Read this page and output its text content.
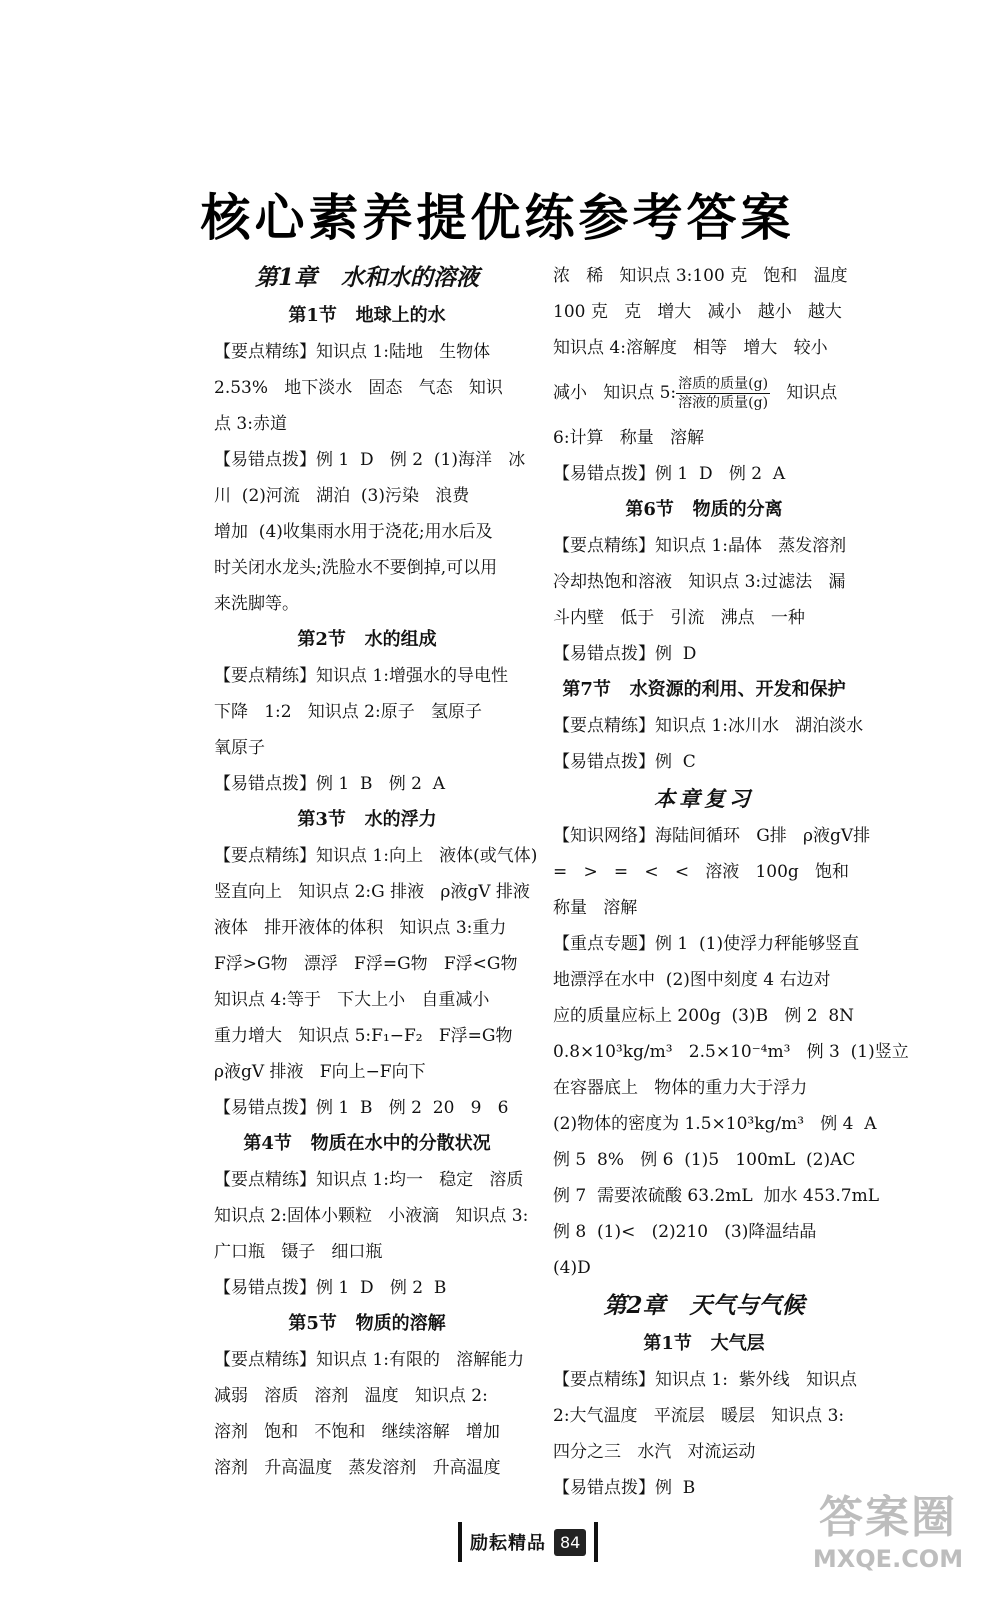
核心素养提优练参考答案
第1章   水和水的溶液
第1节   地球上的水
【要点精练】知识点 1:陆地   生物体
2.53%   地下淡水   固态   气态   知识
点 3:赤道
【易错点拨】例 1  D   例 2  (1)海洋   冰
川  (2)河流   湖泊  (3)污染   浪费
增加  (4)收集雨水用于浇花;用水后及
时关闭水龙头;洗脸水不要倒掉,可以用
来洗脚等。
第2节   水的组成
【要点精练】知识点 1:增强水的导电性
下降   1:2   知识点 2:原子   氢原子
氧原子
【易错点拨】例 1  B   例 2  A
第3节   水的浮力
【要点精练】知识点 1:向上   液体(或气体)
竖直向上   知识点 2:G 排液   ρ液gV 排液
液体   排开液体的体积   知识点 3:重力
F浮>G物   漂浮   F浮=G物   F浮<G物
知识点 4:等于   下大上小   自重减小
重力增大   知识点 5:F₁−F₂   F浮=G物
ρ液gV 排液   F向上−F向下
【易错点拨】例 1  B   例 2  20   9   6
第4节   物质在水中的分散状况
【要点精练】知识点 1:均一   稳定   溶质
知识点 2:固体小颗粒   小液滴   知识点 3:
广口瓶   镊子   细口瓶
【易错点拨】例 1  D   例 2  B
第5节   物质的溶解
【要点精练】知识点 1:有限的   溶解能力
减弱   溶质   溶剂   温度   知识点 2:
溶剂   饱和   不饱和   继续溶解   增加
溶剂   升高温度   蒸发溶剂   升高温度
浓   稀   知识点 3:100 克   饱和   温度
100 克   克   增大   减小   越小   越大
知识点 4:溶解度   相等   增大   较小
减小   知识点 5: $\frac{\text{溶质的质量(g)}}{\text{溶液的质量(g)}}$ 知识点
6:计算   称量   溶解
【易错点拨】例 1  D   例 2  A
第6节   物质的分离
【要点精练】知识点 1:晶体   蒸发溶剂
冷却热饱和溶液   知识点 3:过滤法   漏
斗内壁   低于   引流   沸点   一种
【易错点拨】例  D
第7节   水资源的利用、开发和保护
【要点精练】知识点 1:冰川水   湖泊淡水
【易错点拨】例  C
本章复习
【知识网络】海陆间循环   G排   ρ液gV排
=   >   =   <   <   溶液   100g   饱和
称量   溶解
【重点专题】例 1  (1)使浮力秤能够竖直
地漂浮在水中  (2)图中刻度 4 右边对
应的质量应标上 200g  (3)B   例 2  8N
0.8×10³kg/m³   2.5×10⁻⁴m³   例 3  (1)竖立
在容器底上   物体的重力大于浮力
(2)物体的密度为 1.5×10³kg/m³   例 4  A
例 5  8%   例 6  (1)5   100mL  (2)AC
例 7  需要浓硫酸 63.2mL  加水 453.7mL
例 8  (1)<   (2)210   (3)降温结晶
(4)D
第2章   天气与气候
第1节   大气层
【要点精练】知识点 1:  紫外线   知识点
2:大气温度   平流层   暖层   知识点 3:
四分之三   水汽   对流运动
【易错点拨】例  B
励耘精品 84	答案圈
MXQE.COM
